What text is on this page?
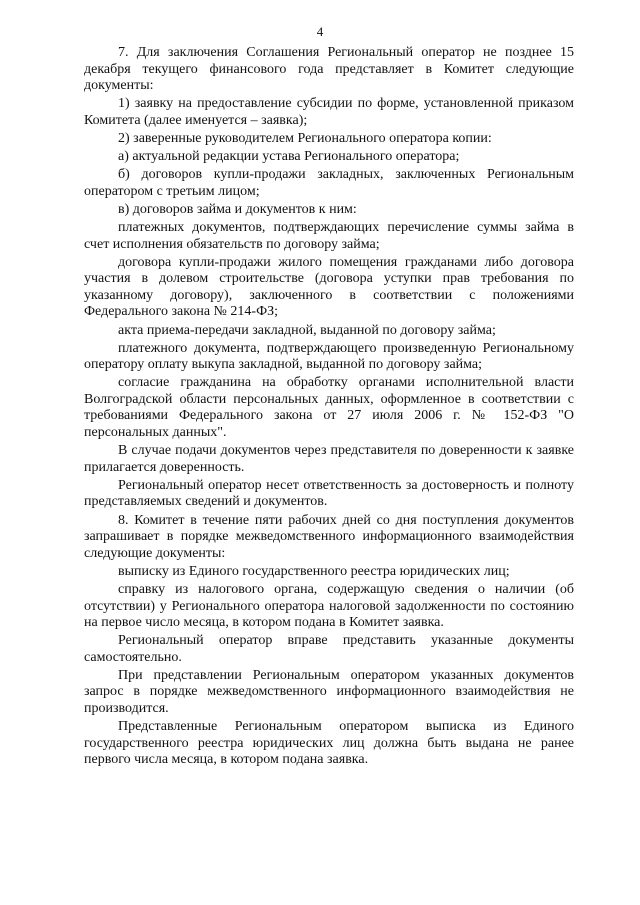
4

7. Для заключения Соглашения Региональный оператор не позднее 15 декабря текущего финансового года представляет в Комитет следующие документы:

1) заявку на предоставление субсидии по форме, установленной приказом Комитета (далее именуется – заявка);

2) заверенные руководителем Регионального оператора копии:

а) актуальной редакции устава Регионального оператора;

б) договоров купли-продажи закладных, заключенных Региональным оператором с третьим лицом;

в) договоров займа и документов к ним:

платежных документов, подтверждающих перечисление суммы займа в счет исполнения обязательств по договору займа;

договора купли-продажи жилого помещения гражданами либо договора участия в долевом строительстве (договора уступки прав требования по указанному договору), заключенного в соответствии с положениями Федерального закона № 214-ФЗ;

акта приема-передачи закладной, выданной по договору займа;

платежного документа, подтверждающего произведенную Региональному оператору оплату выкупа закладной, выданной по договору займа;

согласие гражданина на обработку органами исполнительной власти Волгоградской области персональных данных, оформленное в соответствии с требованиями Федерального закона от 27 июля 2006 г. № 152-ФЗ "О персональных данных".

В случае подачи документов через представителя по доверенности к заявке прилагается доверенность.

Региональный оператор несет ответственность за достоверность и полноту представляемых сведений и документов.

8. Комитет в течение пяти рабочих дней со дня поступления документов запрашивает в порядке межведомственного информационного взаимодействия следующие документы:

выписку из Единого государственного реестра юридических лиц;

справку из налогового органа, содержащую сведения о наличии (об отсутствии) у Регионального оператора налоговой задолженности по состоянию на первое число месяца, в котором подана в Комитет заявка.

Региональный оператор вправе представить указанные документы самостоятельно.

При представлении Региональным оператором указанных документов запрос в порядке межведомственного информационного взаимодействия не производится.

Представленные Региональным оператором выписка из Единого государственного реестра юридических лиц должна быть выдана не ранее первого числа месяца, в котором подана заявка.
